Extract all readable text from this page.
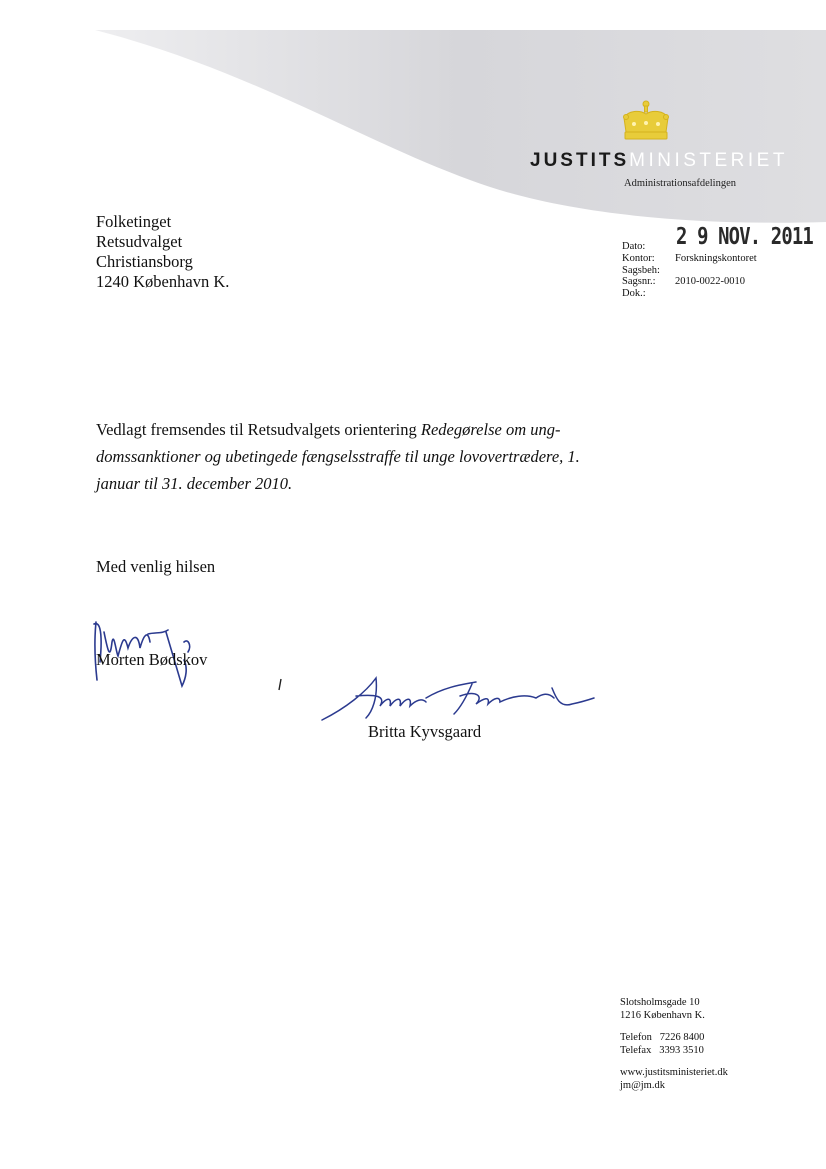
JUSTITSMINISTERIET
Administrationsafdelingen
Folketinget
Retsudvalget
Christiansborg
1240 København K.
2 9 NOV. 2011
Dato:
Kontor: Forskningskontoret
Sagsbeh:
Sagsnr.: 2010-0022-0010
Dok.:
Vedlagt fremsendes til Retsudvalgets orientering Redegørelse om ung-domssanktioner og ubetingede fængselsstraffe til unge lovovertrædere, 1. januar til 31. december 2010.
Med venlig hilsen
Morten Bødskov
Britta Kyvsgaard
Slotsholmsgade 10
1216 København K.
Telefon   7226 8400
Telefax   3393 3510
www.justitsministeriet.dk
jm@jm.dk
